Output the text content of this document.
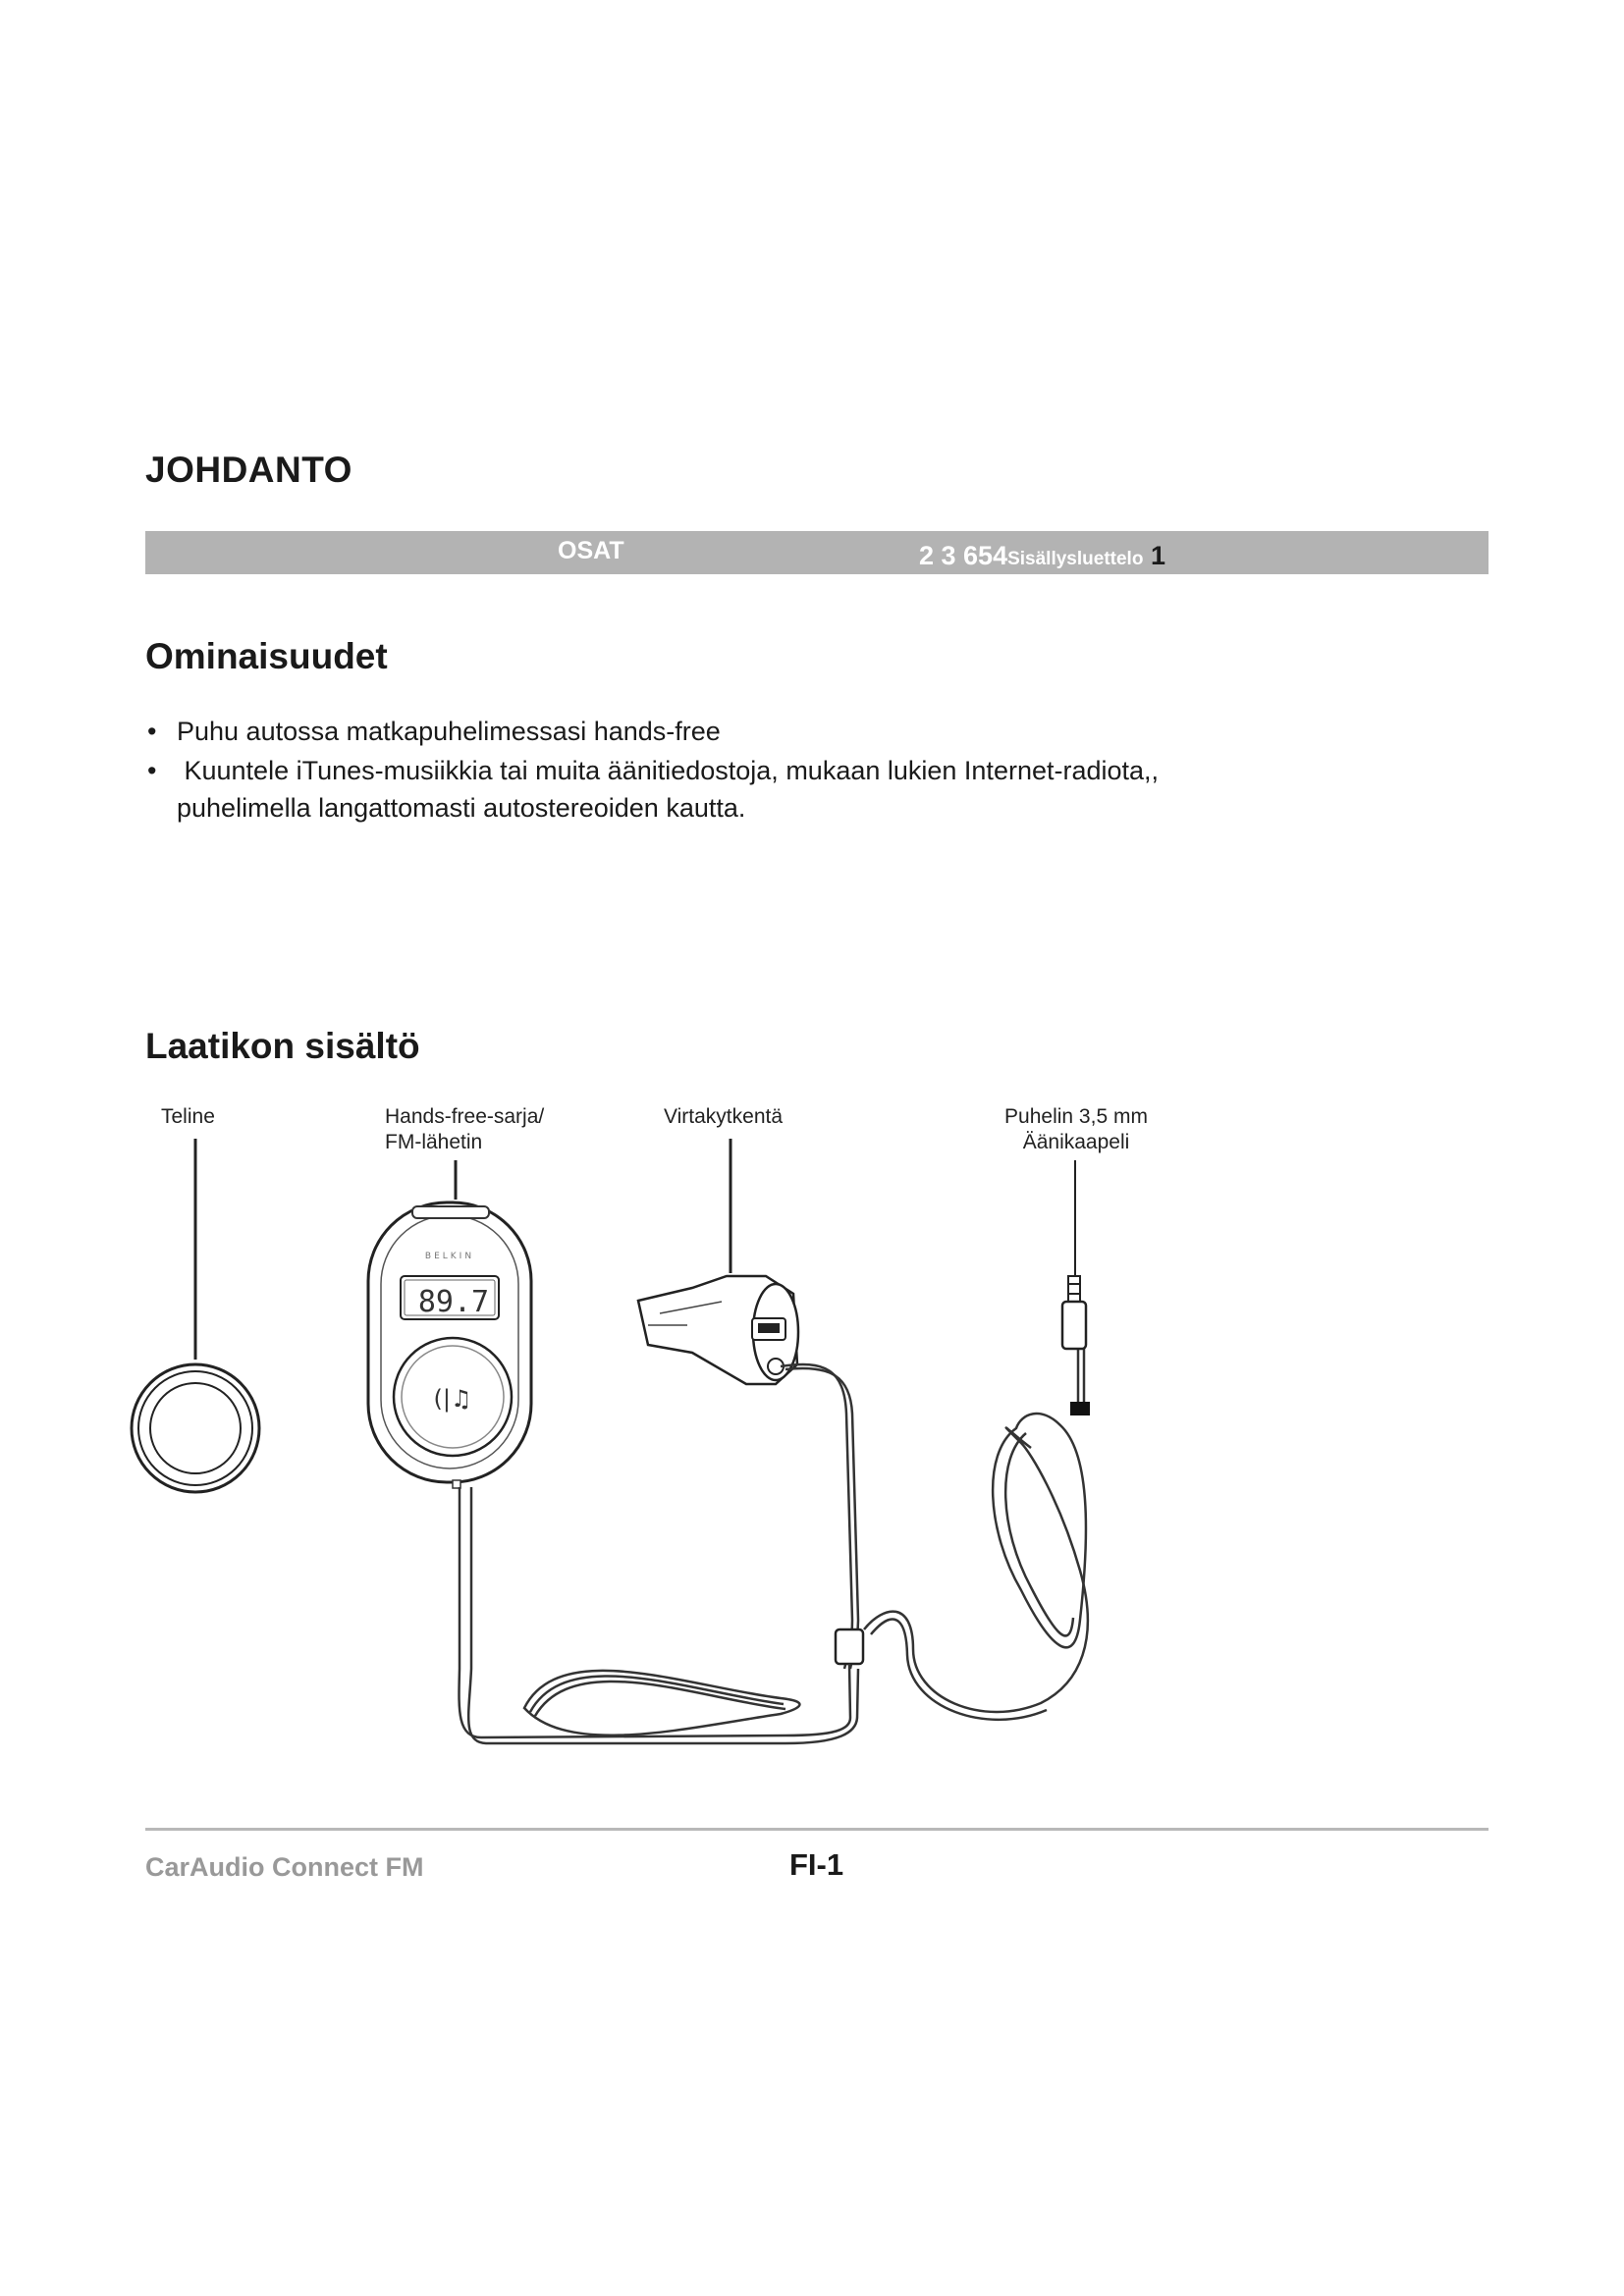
JOHDANTO
OSAT	2 3 654Sisällysluettelo 1
Ominaisuudet
• Puhu autossa matkapuhelimessasi hands-free
• Kuuntele iTunes-musiikkia tai muita äänitiedostoja, mukaan lukien Internet-radiota,,
puhelimella langattomasti autostereoiden kautta.
Laatikon sisältö
Teline	Hands-free-sarja/
FM-lähetin
Virtakytkentä	Puhelin 3,5 mm
Äänikaapeli
BELKIN
89.7
(|♫
CarAudio Connect FM	FI-1
